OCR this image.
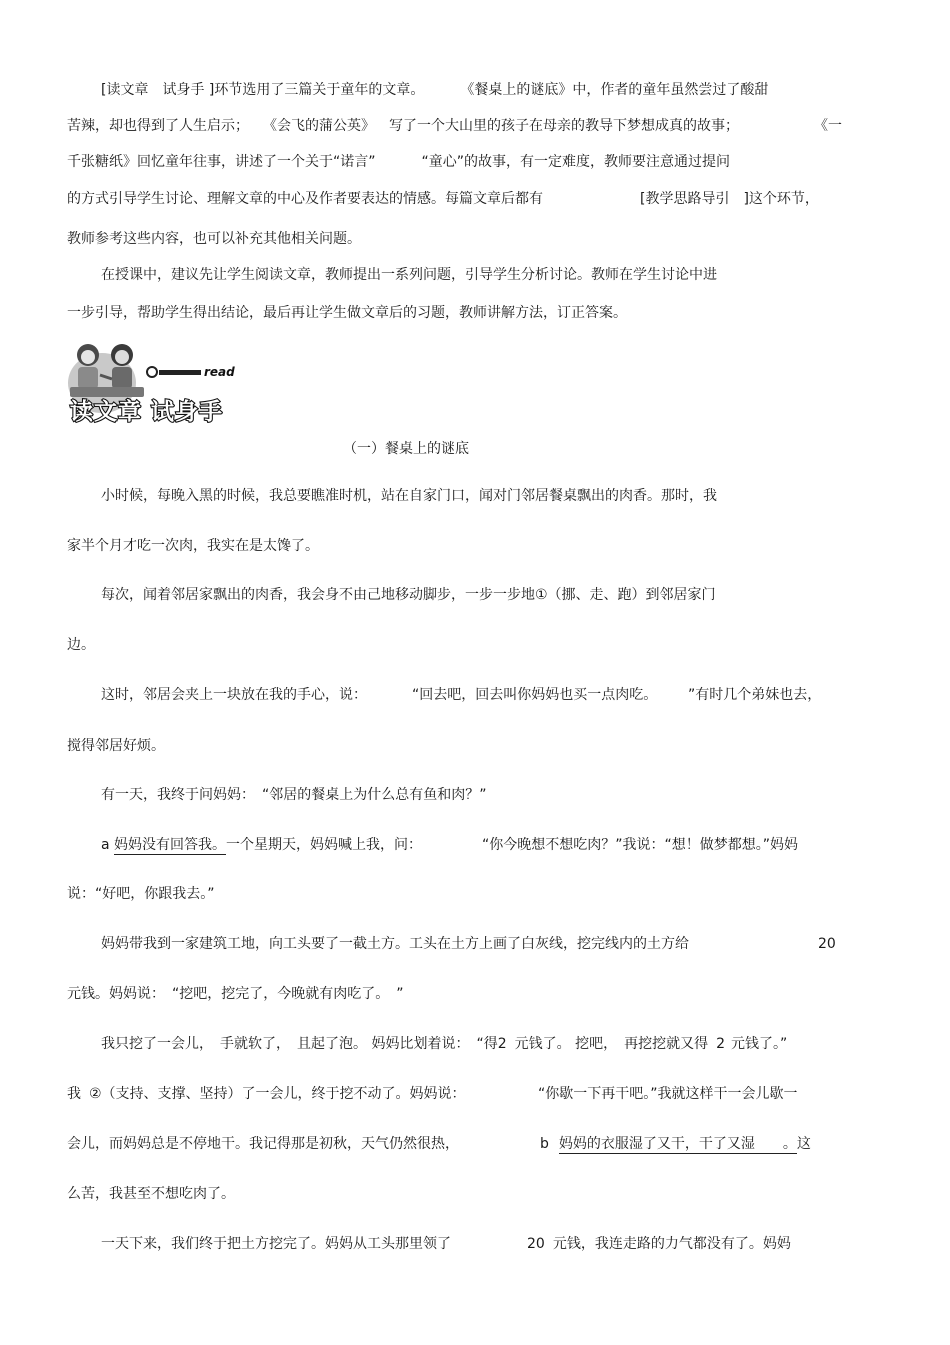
[读文章　试身手 ]环节选用了三篇关于童年的文章。	《餐桌上的谜底》中，作者的童年虽然尝过了酸甜
苦辣，却也得到了人生启示； 《会飞的蒲公英》 写了一个大山里的孩子在母亲的教导下梦想成真的故事；	《一
千张糖纸》回忆童年往事，讲述了一个关于“诺言”	“童心”的故事，有一定难度，教师要注意通过提问
的方式引导学生讨论、理解文章的中心及作者要表达的情感。每篇文章后都有	[教学思路导引　]这个环节，
教师参考这些内容，也可以补充其他相关问题。
在授课中，建议先让学生阅读文章，教师提出一系列问题，引导学生分析讨论。教师在学生讨论中进
一步引导，帮助学生得出结论，最后再让学生做文章后的习题，教师讲解方法，订正答案。
read
读文章 试身手
（一）餐桌上的谜底
小时候，每晚入黑的时候，我总要瞧准时机，站在自家门口，闻对门邻居餐桌飘出的肉香。那时，我
家半个月才吃一次肉，我实在是太馋了。
每次，闻着邻居家飘出的肉香，我会身不由己地移动脚步，一步一步地①（挪、走、跑）到邻居家门
边。
这时，邻居会夹上一块放在我的手心，说：	“回去吧，回去叫你妈妈也买一点肉吃。 ”有时几个弟妹也去，
搅得邻居好烦。
有一天，我终于问妈妈：　“邻居的餐桌上为什么总有鱼和肉？”
a 妈妈没有回答我。一个星期天，妈妈喊上我，问：	“你今晚想不想吃肉？”我说：“想！做梦都想。”妈妈
说：“好吧，你跟我去。”
妈妈带我到一家建筑工地，向工头要了一截土方。工头在土方上画了白灰线，挖完线内的土方给	20
元钱。妈妈说：　“挖吧，挖完了，今晚就有肉吃了。　”
我只挖了一会儿，　手就软了，　且起了泡。 妈妈比划着说：　“得2 元钱了。 挖吧，　再挖挖就又得 2 元钱了。”
我 ②（支持、支撑、坚持）了一会儿，终于挖不动了。妈妈说：	“你歇一下再干吧。”我就这样干一会儿歇一
会儿，而妈妈总是不停地干。我记得那是初秋，天气仍然很热，	b 妈妈的衣服湿了又干，干了又湿　　。这
么苦，我甚至不想吃肉了。
一天下来，我们终于把土方挖完了。妈妈从工头那里领了	20 元钱，我连走路的力气都没有了。妈妈
